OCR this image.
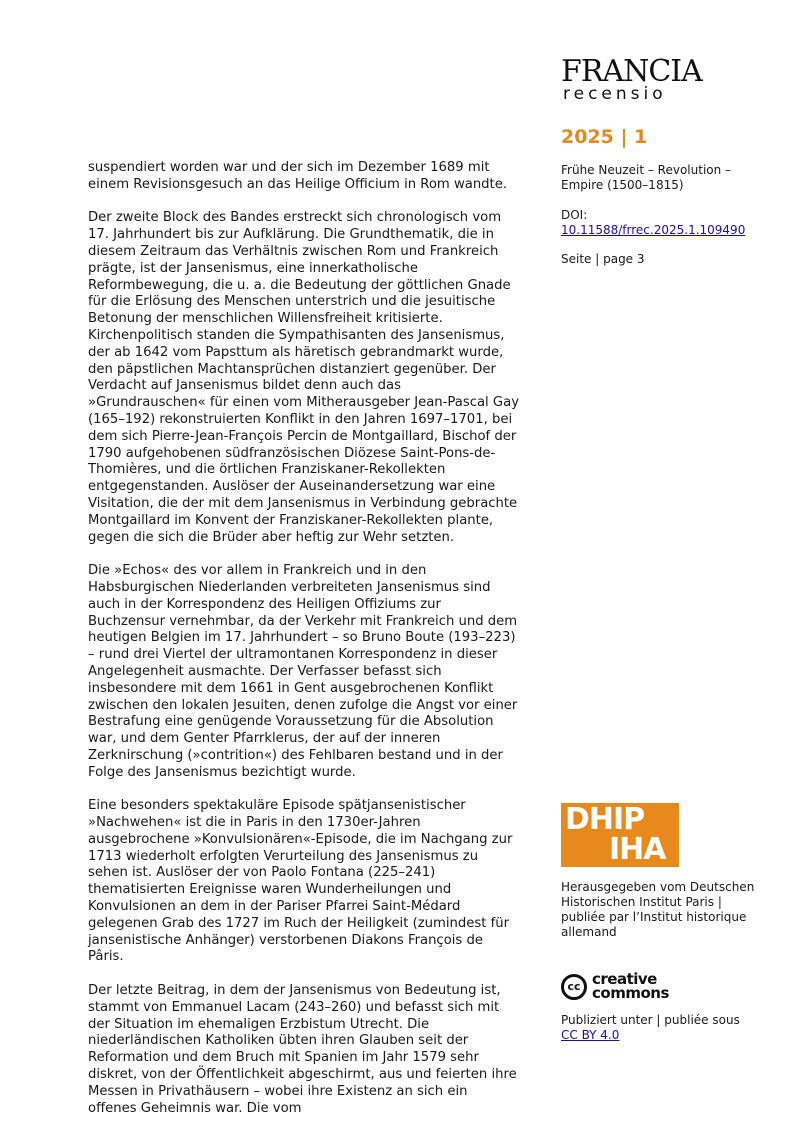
FRANCIA
recensio
2025 | 1
Frühe Neuzeit – Revolution – Empire (1500–1815)
DOI:
10.11588/frrec.2025.1.109490
Seite | page 3

suspendiert worden war und der sich im Dezember 1689 mit einem Revisionsgesuch an das Heilige Officium in Rom wandte.

Der zweite Block des Bandes erstreckt sich chronologisch vom 17. Jahrhundert bis zur Aufklärung. Die Grundthematik, die in diesem Zeitraum das Verhältnis zwischen Rom und Frankreich prägte, ist der Jansenismus, eine innerkatholische Reformbewegung, die u. a. die Bedeutung der göttlichen Gnade für die Erlösung des Menschen unterstrich und die jesuitische Betonung der menschlichen Willensfreiheit kritisierte. Kirchenpolitisch standen die Sympathisanten des Jansenismus, der ab 1642 vom Papsttum als häretisch gebrandmarkt wurde, den päpstlichen Machtansprüchen distanziert gegenüber. Der Verdacht auf Jansenismus bildet denn auch das »Grundrauschen« für einen vom Mitherausgeber Jean-Pascal Gay (165–192) rekonstruierten Konflikt in den Jahren 1697–1701, bei dem sich Pierre-Jean-François Percin de Montgaillard, Bischof der 1790 aufgehobenen südfranzösischen Diözese Saint-Pons-de-Thomières, und die örtlichen Franziskaner-Rekollekten entgegenstanden. Auslöser der Auseinandersetzung war eine Visitation, die der mit dem Jansenismus in Verbindung gebrachte Montgaillard im Konvent der Franziskaner-Rekollekten plante, gegen die sich die Brüder aber heftig zur Wehr setzten.

Die »Echos« des vor allem in Frankreich und in den Habsburgischen Niederlanden verbreiteten Jansenismus sind auch in der Korrespondenz des Heiligen Offiziums zur Buchzensur vernehmbar, da der Verkehr mit Frankreich und dem heutigen Belgien im 17. Jahrhundert – so Bruno Boute (193–223) – rund drei Viertel der ultramontanen Korrespondenz in dieser Angelegenheit ausmachte. Der Verfasser befasst sich insbesondere mit dem 1661 in Gent ausgebrochenen Konflikt zwischen den lokalen Jesuiten, denen zufolge die Angst vor einer Bestrafung eine genügende Voraussetzung für die Absolution war, und dem Genter Pfarrklerus, der auf der inneren Zerknirschung (»contrition«) des Fehlbaren bestand und in der Folge des Jansenismus bezichtigt wurde.

Eine besonders spektakuläre Episode spätjansenistischer »Nachwehen« ist die in Paris in den 1730er-Jahren ausgebrochene »Konvulsionären«-Episode, die im Nachgang zur 1713 wiederholt erfolgten Verurteilung des Jansenismus zu sehen ist. Auslöser der von Paolo Fontana (225–241) thematisierten Ereignisse waren Wunderheilungen und Konvulsionen an dem in der Pariser Pfarrei Saint-Médard gelegenen Grab des 1727 im Ruch der Heiligkeit (zumindest für jansenistische Anhänger) verstorbenen Diakons François de Pâris.

Der letzte Beitrag, in dem der Jansenismus von Bedeutung ist, stammt von Emmanuel Lacam (243–260) und befasst sich mit der Situation im ehemaligen Erzbistum Utrecht. Die niederländischen Katholiken übten ihren Glauben seit der Reformation und dem Bruch mit Spanien im Jahr 1579 sehr diskret, von der Öffentlichkeit abgeschirmt, aus und feierten ihre Messen in Privathäusern – wobei ihre Existenz an sich ein offenes Geheimnis war. Die vom

DHIP
IHA
Herausgegeben vom Deutschen Historischen Institut Paris | publiée par l’Institut historique allemand
cc creative
commons
Publiziert unter | publiée sous
CC BY 4.0
